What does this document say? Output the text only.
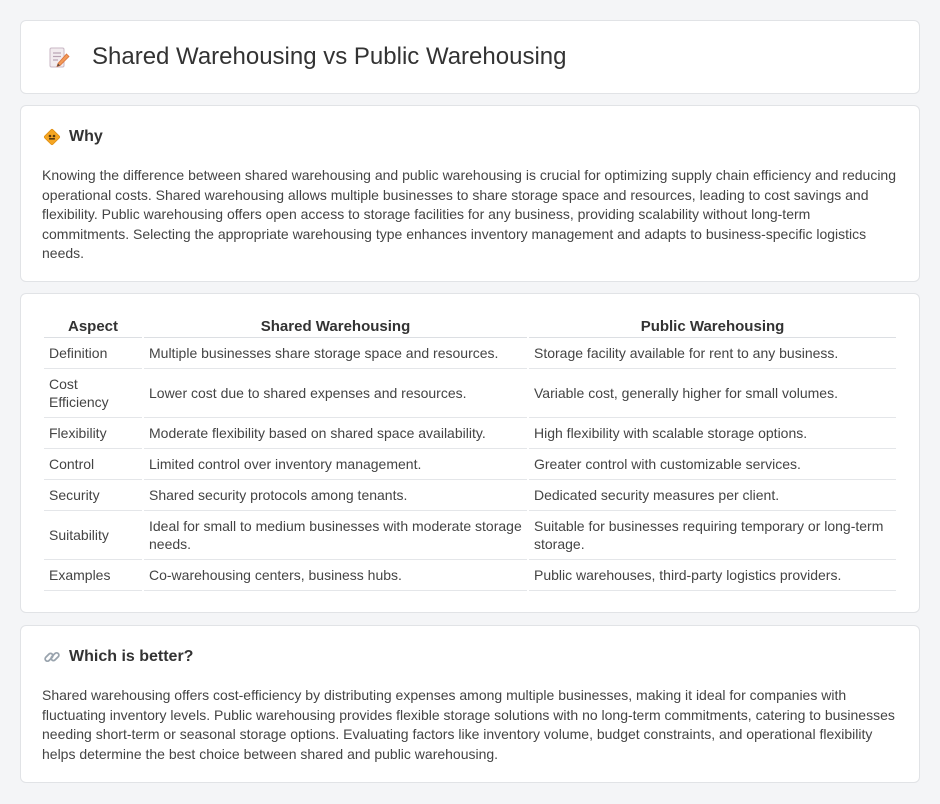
Shared Warehousing vs Public Warehousing
Why

Knowing the difference between shared warehousing and public warehousing is crucial for optimizing supply chain efficiency and reducing operational costs. Shared warehousing allows multiple businesses to share storage space and resources, leading to cost savings and flexibility. Public warehousing offers open access to storage facilities for any business, providing scalability without long-term commitments. Selecting the appropriate warehousing type enhances inventory management and adapts to business-specific logistics needs.

Aspect	Shared Warehousing	Public Warehousing
Definition	Multiple businesses share storage space and resources.	Storage facility available for rent to any business.
Cost Efficiency	Lower cost due to shared expenses and resources.	Variable cost, generally higher for small volumes.
Flexibility	Moderate flexibility based on shared space availability.	High flexibility with scalable storage options.
Control	Limited control over inventory management.	Greater control with customizable services.
Security	Shared security protocols among tenants.	Dedicated security measures per client.
Suitability	Ideal for small to medium businesses with moderate storage needs.	Suitable for businesses requiring temporary or long-term storage.
Examples	Co-warehousing centers, business hubs.	Public warehouses, third-party logistics providers.
Which is better?

Shared warehousing offers cost-efficiency by distributing expenses among multiple businesses, making it ideal for companies with fluctuating inventory levels. Public warehousing provides flexible storage solutions with no long-term commitments, catering to businesses needing short-term or seasonal storage options. Evaluating factors like inventory volume, budget constraints, and operational flexibility helps determine the best choice between shared and public warehousing.
